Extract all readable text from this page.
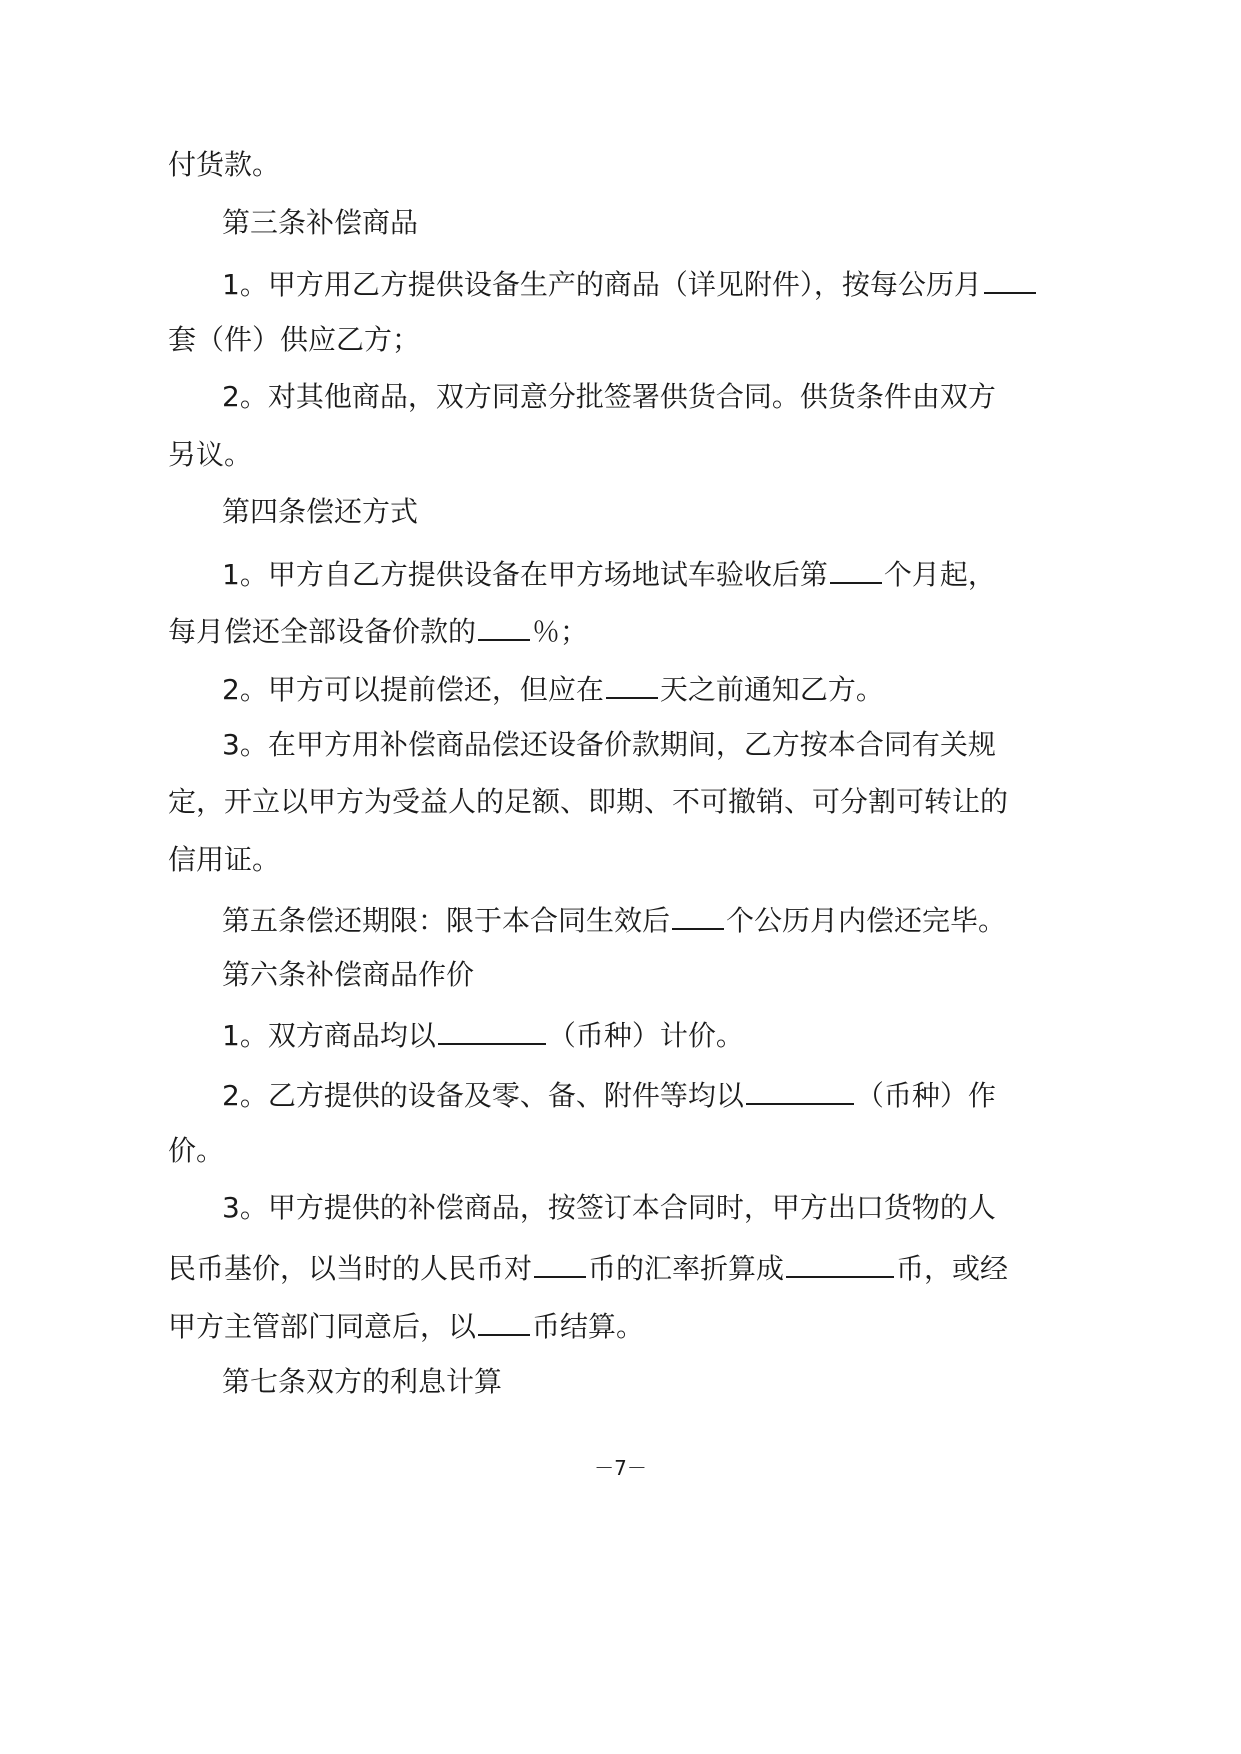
付货款。
第三条补偿商品
1。甲方用乙方提供设备生产的商品（详见附件），按每公历月
套（件）供应乙方；
2。对其他商品，双方同意分批签署供货合同。供货条件由双方
另议。
第四条偿还方式
1。甲方自乙方提供设备在甲方场地试车验收后第 个月起，
每月偿还全部设备价款的 ％；
2。甲方可以提前偿还，但应在 天之前通知乙方。
3。在甲方用补偿商品偿还设备价款期间，乙方按本合同有关规
定，开立以甲方为受益人的足额、即期、不可撤销、可分割可转让的
信用证。
第五条偿还期限：限于本合同生效后 个公历月内偿还完毕。
第六条补偿商品作价
1。双方商品均以	（币种）计价。
2。乙方提供的设备及零、备、附件等均以	（币种）作
价。
3。甲方提供的补偿商品，按签订本合同时，甲方出口货物的人
民币基价，以当时的人民币对 币的汇率折算成	币，或经
甲方主管部门同意后，以 币结算。
第七条双方的利息计算
－7－
